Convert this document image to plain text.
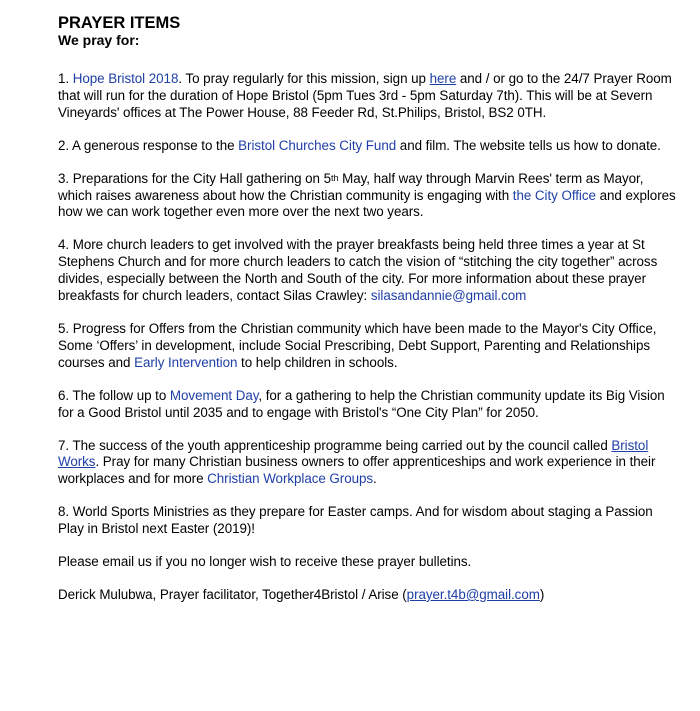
PRAYER ITEMS

We pray for:

1. Hope Bristol 2018. To pray regularly for this mission, sign up here and / or go to the 24/7 Prayer Room that will run for the duration of Hope Bristol (5pm Tues 3rd - 5pm Saturday 7th). This will be at Severn Vineyards' offices at The Power House, 88 Feeder Rd, St.Philips, Bristol, BS2 0TH.

2. A generous response to the Bristol Churches City Fund and film. The website tells us how to donate.

3. Preparations for the City Hall gathering on 5th May, half way through Marvin Rees' term as Mayor, which raises awareness about how the Christian community is engaging with the City Office and explores how we can work together even more over the next two years.

4. More church leaders to get involved with the prayer breakfasts being held three times a year at St Stephens Church and for more church leaders to catch the vision of “stitching the city together” across divides, especially between the North and South of the city. For more information about these prayer breakfasts for church leaders, contact Silas Crawley: silasandannie@gmail.com

5. Progress for Offers from the Christian community which have been made to the Mayor's City Office, Some ‘Offers’ in development, include Social Prescribing, Debt Support, Parenting and Relationships courses and Early Intervention to help children in schools.

6. The follow up to Movement Day, for a gathering to help the Christian community update its Big Vision for a Good Bristol until 2035 and to engage with Bristol's “One City Plan” for 2050.

7. The success of the youth apprenticeship programme being carried out by the council called Bristol Works. Pray for many Christian business owners to offer apprenticeships and work experience in their workplaces and for more Christian Workplace Groups.

8. World Sports Ministries as they prepare for Easter camps. And for wisdom about staging a Passion Play in Bristol next Easter (2019)!

Please email us if you no longer wish to receive these prayer bulletins.

Derick Mulubwa, Prayer facilitator, Together4Bristol / Arise (prayer.t4b@gmail.com)
